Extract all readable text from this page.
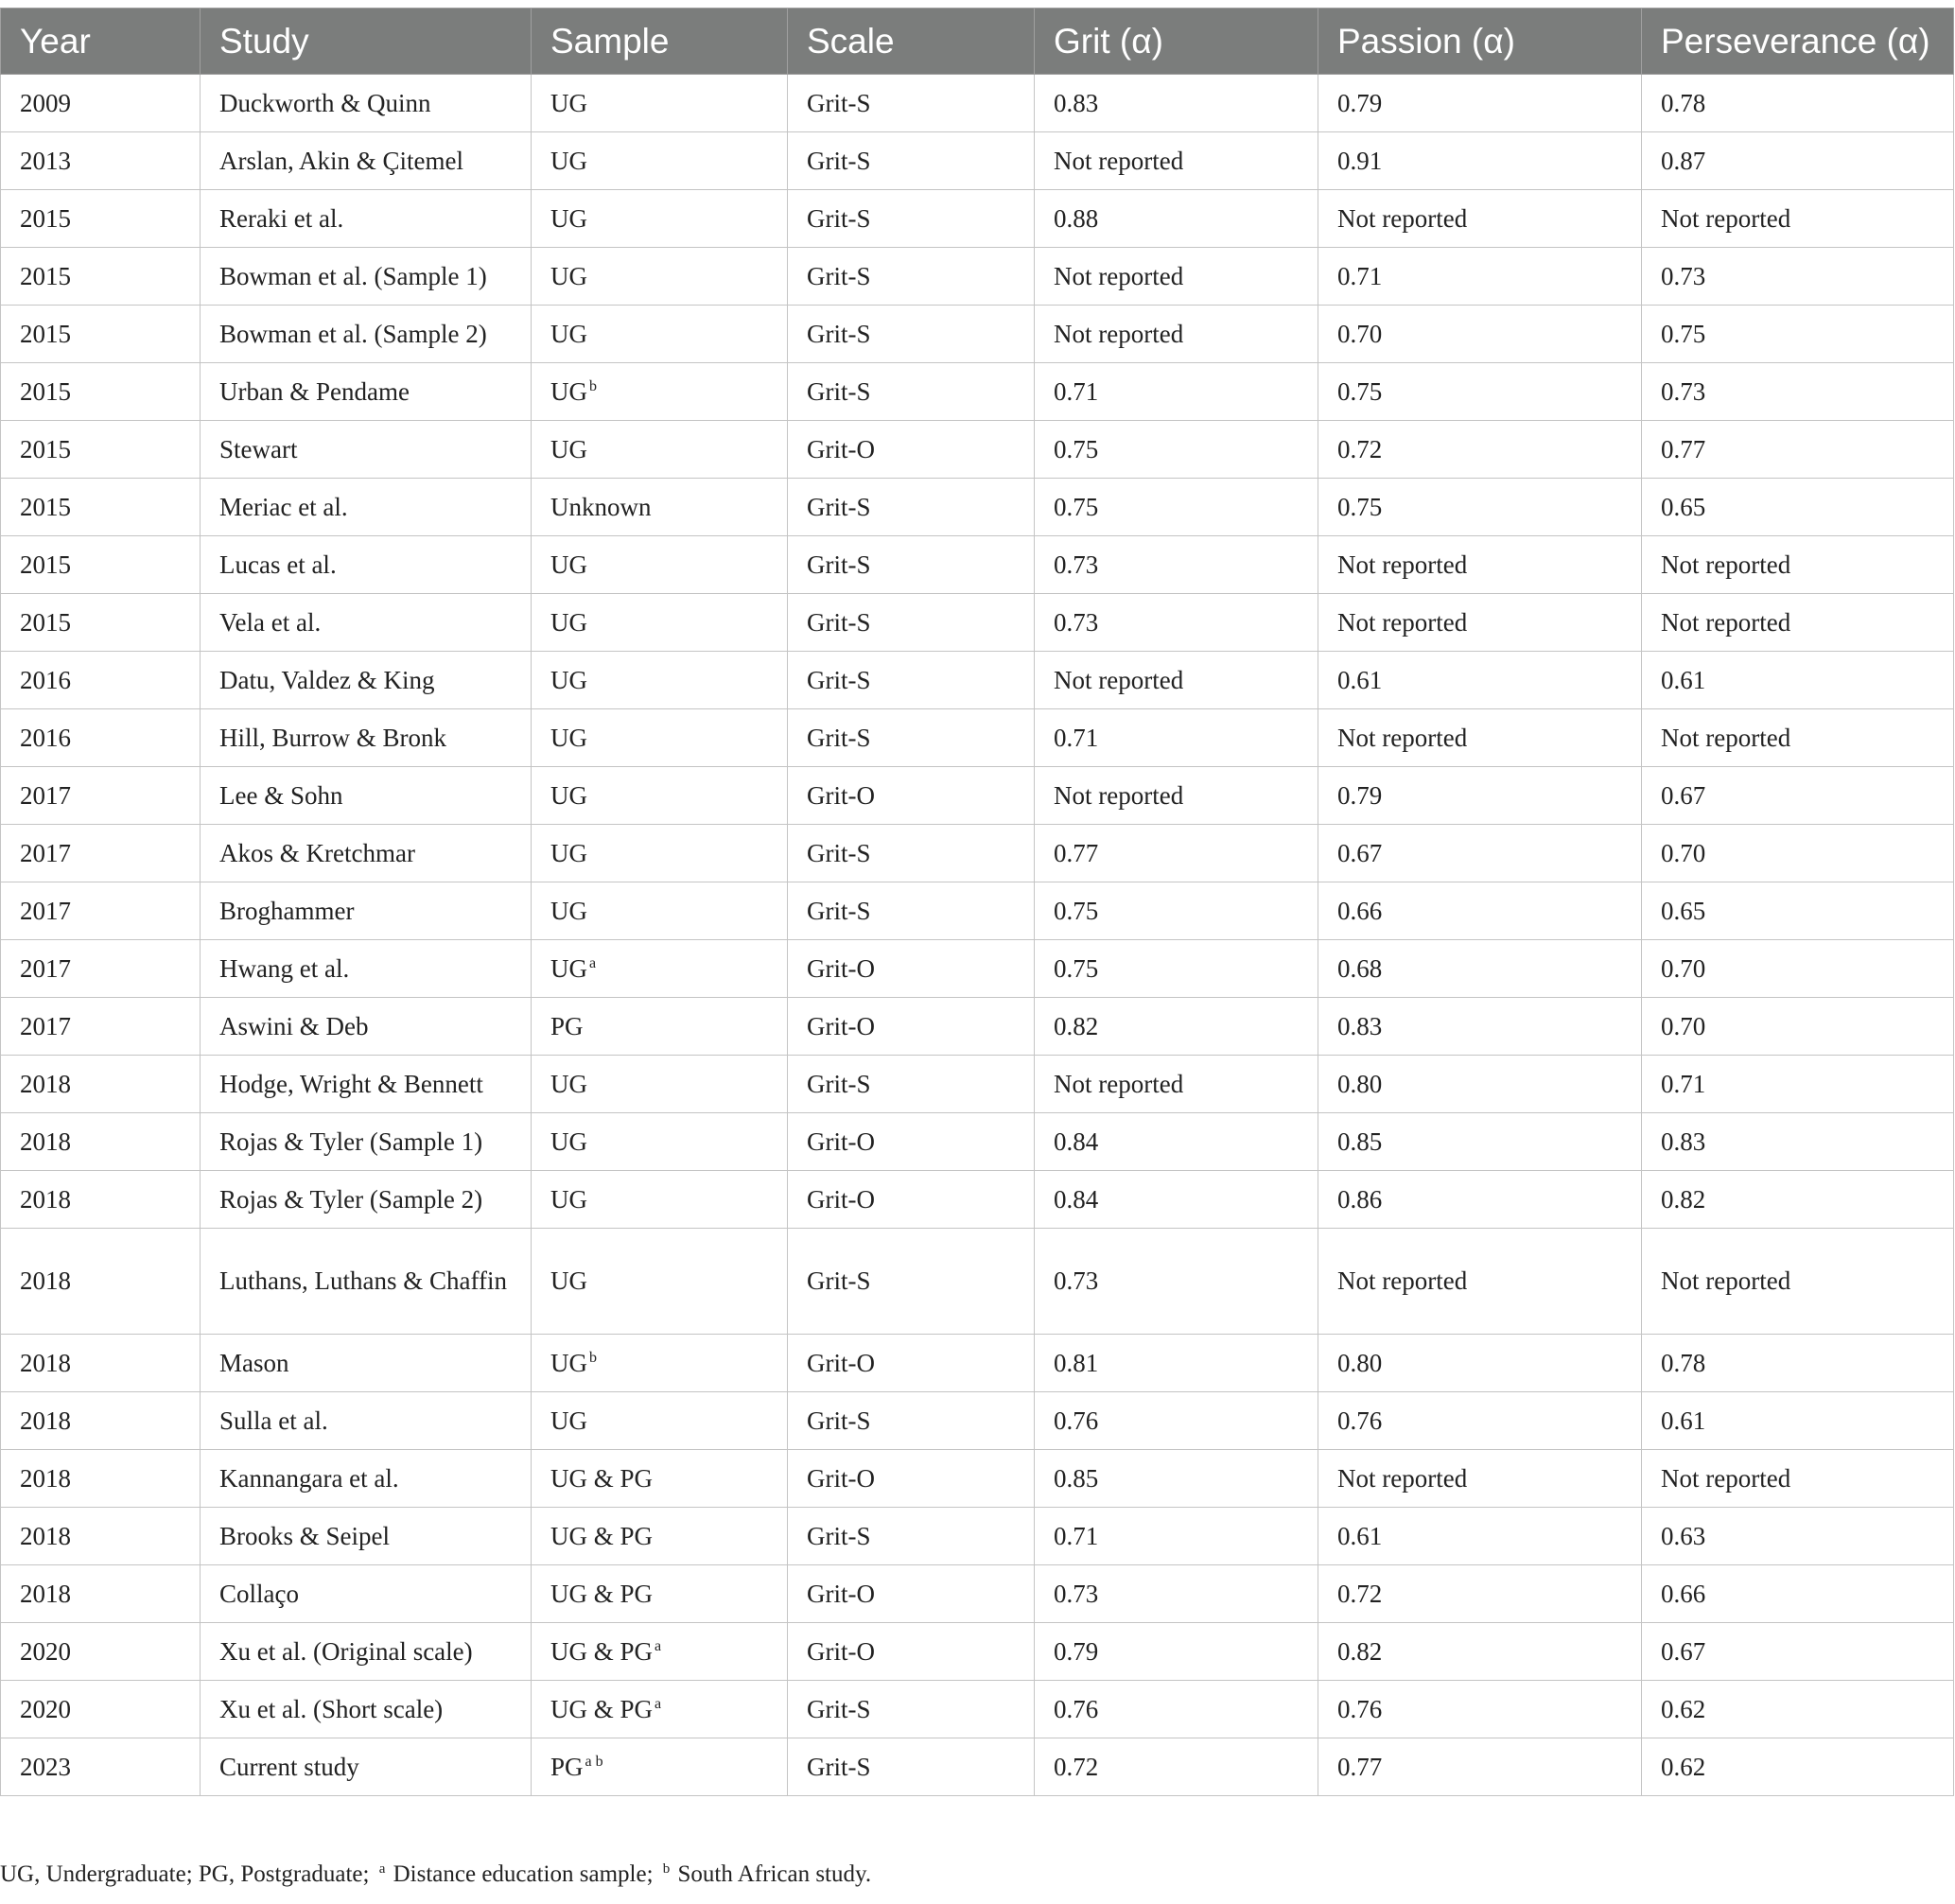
Year	Study	Sample	Scale	Grit (α)	Passion (α)	Perseverance (α)
2009	Duckworth & Quinn	UG	Grit-S	0.83	0.79	0.78
2013	Arslan, Akin & Çitemel	UG	Grit-S	Not reported	0.91	0.87
2015	Reraki et al.	UG	Grit-S	0.88	Not reported	Not reported
2015	Bowman et al. (Sample 1)	UG	Grit-S	Not reported	0.71	0.73
2015	Bowman et al. (Sample 2)	UG	Grit-S	Not reported	0.70	0.75
2015	Urban & Pendame	UG $^b$	Grit-S	0.71	0.75	0.73
2015	Stewart	UG	Grit-O	0.75	0.72	0.77
2015	Meriac et al.	Unknown	Grit-S	0.75	0.75	0.65
2015	Lucas et al.	UG	Grit-S	0.73	Not reported	Not reported
2015	Vela et al.	UG	Grit-S	0.73	Not reported	Not reported
2016	Datu, Valdez & King	UG	Grit-S	Not reported	0.61	0.61
2016	Hill, Burrow & Bronk	UG	Grit-S	0.71	Not reported	Not reported
2017	Lee & Sohn	UG	Grit-O	Not reported	0.79	0.67
2017	Akos & Kretchmar	UG	Grit-S	0.77	0.67	0.70
2017	Broghammer	UG	Grit-S	0.75	0.66	0.65
2017	Hwang et al.	UG $^a$	Grit-O	0.75	0.68	0.70
2017	Aswini & Deb	PG	Grit-O	0.82	0.83	0.70
2018	Hodge, Wright & Bennett	UG	Grit-S	Not reported	0.80	0.71
2018	Rojas & Tyler (Sample 1)	UG	Grit-O	0.84	0.85	0.83
2018	Rojas & Tyler (Sample 2)	UG	Grit-O	0.84	0.86	0.82
2018	Luthans, Luthans & Chaffin	UG	Grit-S	0.73	Not reported	Not reported
2018	Mason	UG $^b$	Grit-O	0.81	0.80	0.78
2018	Sulla et al.	UG	Grit-S	0.76	0.76	0.61
2018	Kannangara et al.	UG & PG	Grit-O	0.85	Not reported	Not reported
2018	Brooks & Seipel	UG & PG	Grit-S	0.71	0.61	0.63
2018	Collaço	UG & PG	Grit-O	0.73	0.72	0.66
2020	Xu et al. (Original scale)	UG & PG $^a$	Grit-O	0.79	0.82	0.67
2020	Xu et al. (Short scale)	UG & PG $^a$	Grit-S	0.76	0.76	0.62
2023	Current study	PG $^{a b}$	Grit-S	0.72	0.77	0.62
UG, Undergraduate; PG, Postgraduate; $^a$ Distance education sample; $^b$ South African study.
